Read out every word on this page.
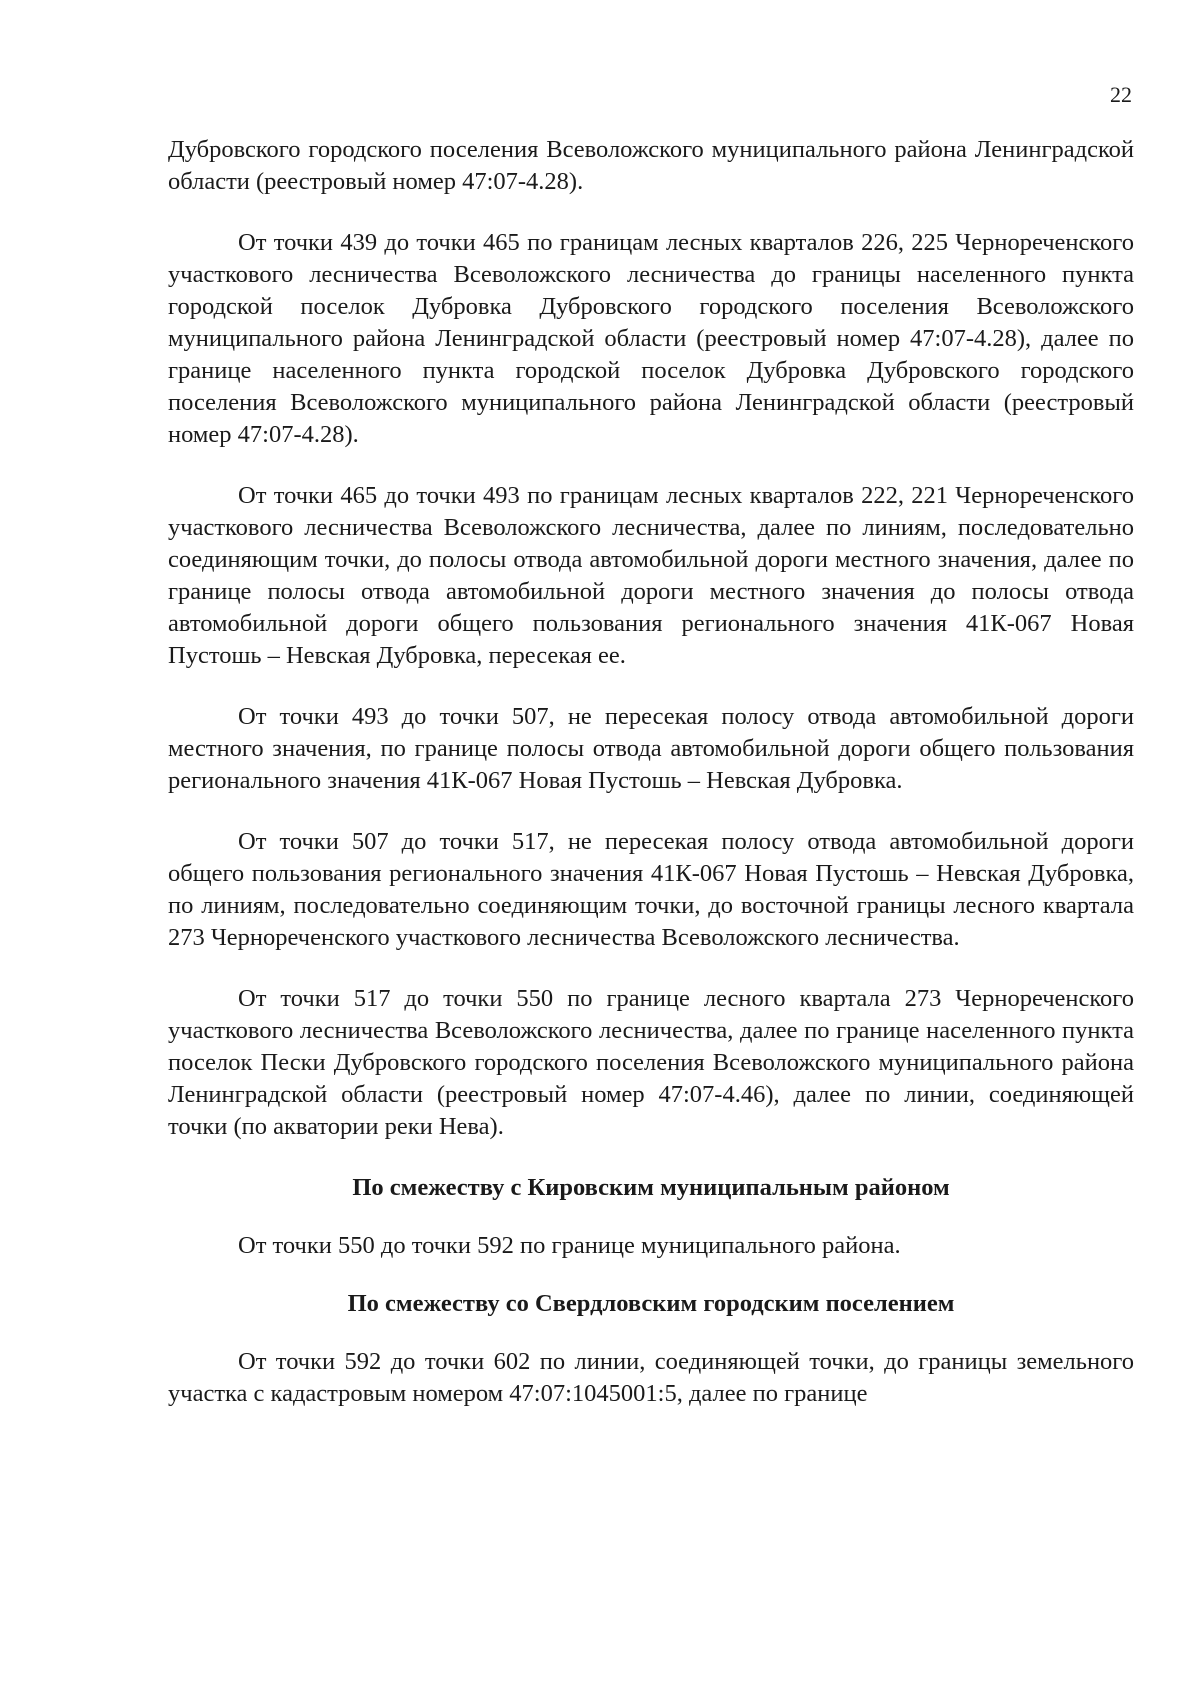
22

Дубровского городского поселения Всеволожского муниципального района Ленинградской области (реестровый номер 47:07-4.28).

От точки 439 до точки 465 по границам лесных кварталов 226, 225 Чернореченского участкового лесничества Всеволожского лесничества до границы населенного пункта городской поселок Дубровка Дубровского городского поселения Всеволожского муниципального района Ленинградской области (реестровый номер 47:07-4.28), далее по границе населенного пункта городской поселок Дубровка Дубровского городского поселения Всеволожского муниципального района Ленинградской области (реестровый номер 47:07-4.28).

От точки 465 до точки 493 по границам лесных кварталов 222, 221 Чернореченского участкового лесничества Всеволожского лесничества, далее по линиям, последовательно соединяющим точки, до полосы отвода автомобильной дороги местного значения, далее по границе полосы отвода автомобильной дороги местного значения до полосы отвода автомобильной дороги общего пользования регионального значения 41К-067 Новая Пустошь – Невская Дубровка, пересекая ее.

От точки 493 до точки 507, не пересекая полосу отвода автомобильной дороги местного значения, по границе полосы отвода автомобильной дороги общего пользования регионального значения 41К-067 Новая Пустошь – Невская Дубровка.

От точки 507 до точки 517, не пересекая полосу отвода автомобильной дороги общего пользования регионального значения 41К-067 Новая Пустошь – Невская Дубровка, по линиям, последовательно соединяющим точки, до восточной границы лесного квартала 273 Чернореченского участкового лесничества Всеволожского лесничества.

От точки 517 до точки 550 по границе лесного квартала 273 Чернореченского участкового лесничества Всеволожского лесничества, далее по границе населенного пункта поселок Пески Дубровского городского поселения Всеволожского муниципального района Ленинградской области (реестровый номер 47:07-4.46), далее по линии, соединяющей точки (по акватории реки Нева).

По смежеству с Кировским муниципальным районом

От точки 550 до точки 592 по границе муниципального района.

По смежеству со Свердловским городским поселением

От точки 592 до точки 602 по линии, соединяющей точки, до границы земельного участка с кадастровым номером 47:07:1045001:5, далее по границе
